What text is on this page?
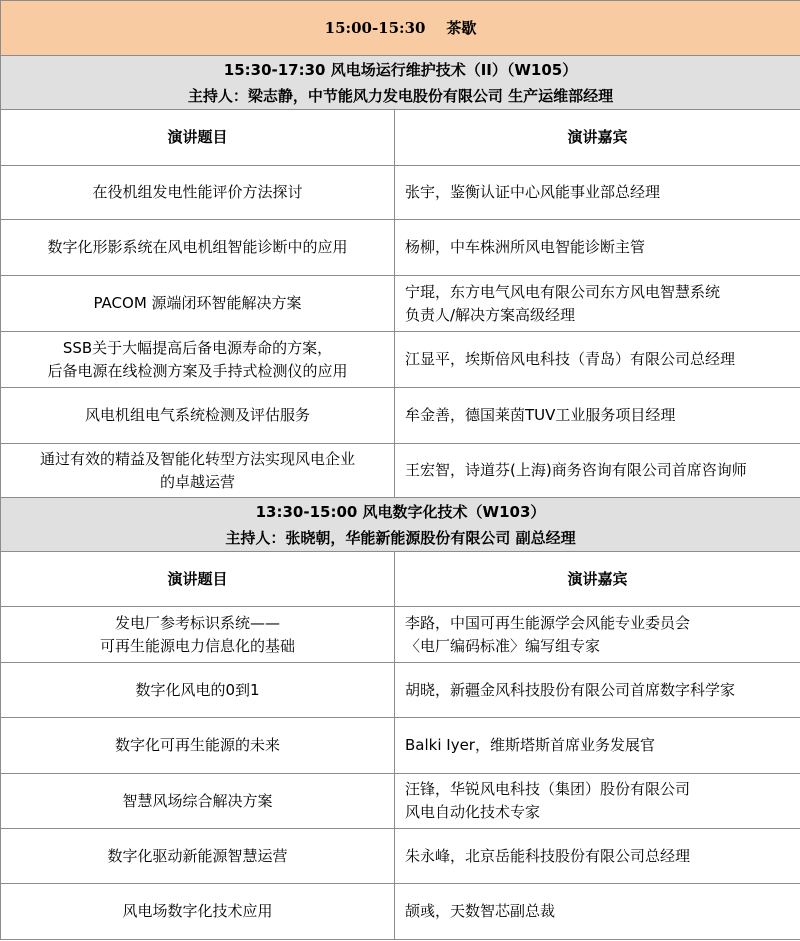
15:00-15:30 茶歇	

15:30-17:30 风电场运行维护技术（II）（W105）
主持人：梁志静，中节能风力发电股份有限公司 生产运维部经理	

演讲题目	演讲嘉宾

在役机组发电性能评价方法探讨	张宇，鉴衡认证中心风能事业部总经理

数字化形影系统在风电机组智能诊断中的应用	杨柳，中车株洲所风电智能诊断主管

PACOM 源端闭环智能解决方案	宁琨，东方电气风电有限公司东方风电智慧系统
负责人/解决方案高级经理

SSB关于大幅提高后备电源寿命的方案，
后备电源在线检测方案及手持式检测仪的应用	江显平，埃斯倍风电科技（青岛）有限公司总经理

风电机组电气系统检测及评估服务	牟金善，德国莱茵TUV工业服务项目经理

通过有效的精益及智能化转型方法实现风电企业
的卓越运营	王宏智，诗道芬(上海)商务咨询有限公司首席咨询师

13:30-15:00 风电数字化技术（W103）
主持人：张晓朝，华能新能源股份有限公司 副总经理	

演讲题目	演讲嘉宾

发电厂参考标识系统——
可再生能源电力信息化的基础	李路，中国可再生能源学会风能专业委员会
〈电厂编码标准〉编写组专家

数字化风电的0到1	胡晓，新疆金风科技股份有限公司首席数字科学家

数字化可再生能源的未来	Balki Iyer，维斯塔斯首席业务发展官

智慧风场综合解决方案	汪锋，华锐风电科技（集团）股份有限公司
风电自动化技术专家

数字化驱动新能源智慧运营	朱永峰，北京岳能科技股份有限公司总经理

风电场数字化技术应用	颉彧，天数智芯副总裁
